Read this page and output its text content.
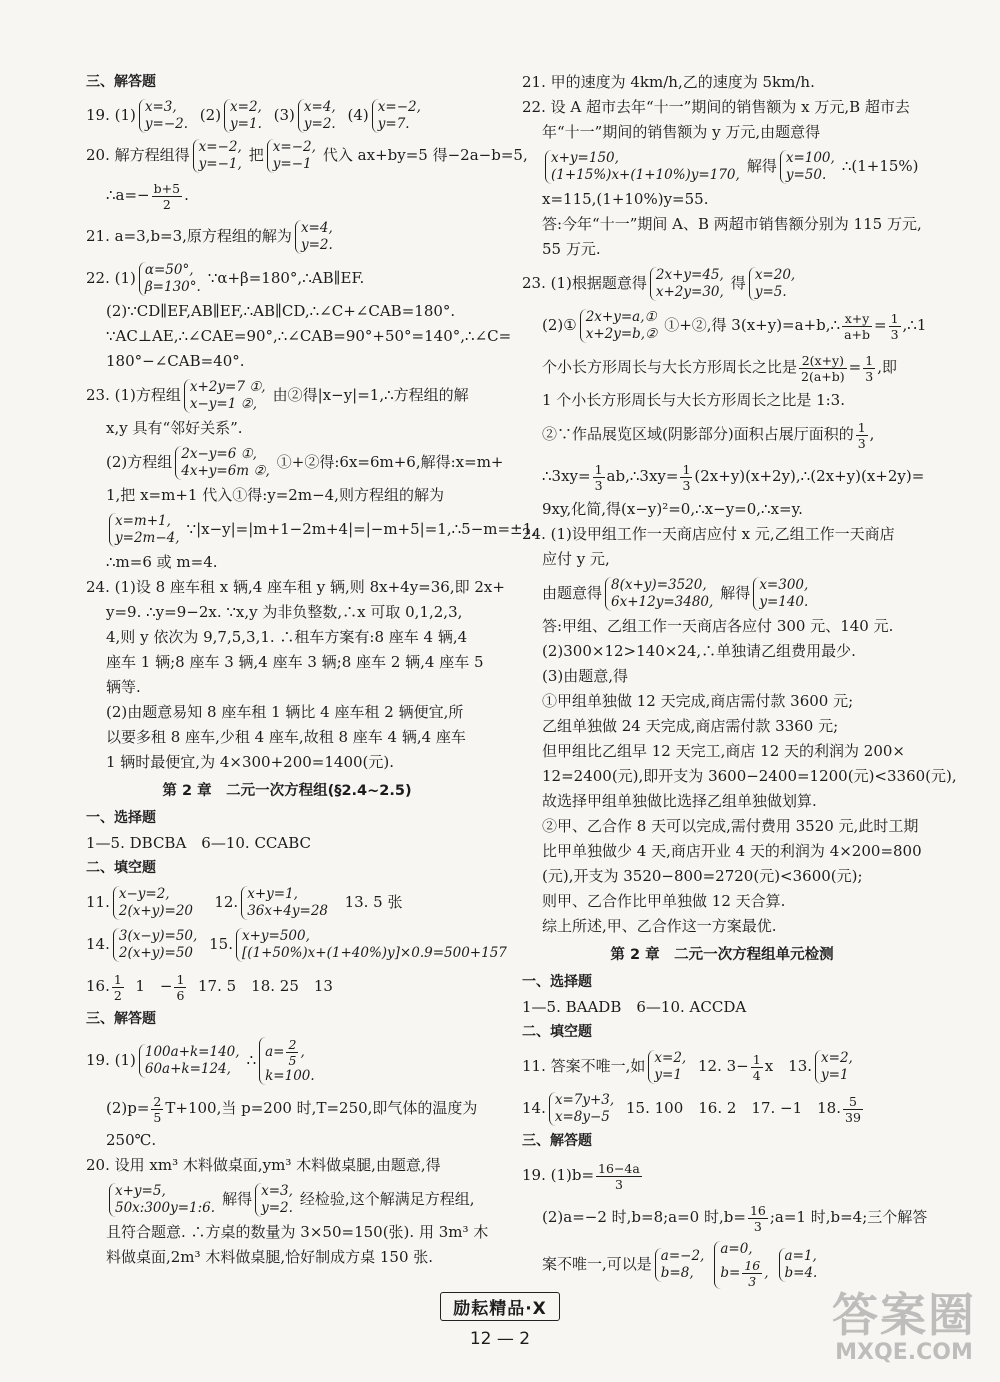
三、解答题
19. (1) x=3,
y=−2. (2) x=2,
y=1. (3) x=4,
y=2. (4) x=−2,
y=7.
20. 解方程组得 x=−2,
y=−1, 把 x=−2,
y=−1 代入 ax+by=5 得−2a−b=5,
∴a=− $\frac{b+5}{2}$ .
21. a=3,b=3,原方程组的解为 x=4,
y=2.
22. (1) α=50°,
β=130°. ∵α+β=180°,∴AB∥EF.
(2)∵CD∥EF,AB∥EF,∴AB∥CD,∴∠C+∠CAB=180°.
∵AC⊥AE,∴∠CAE=90°,∴∠CAB=90°+50°=140°,∴∠C=
180°−∠CAB=40°.
23. (1)方程组 x+2y=7 ①,
x−y=1 ②,	由②得|x−y|=1,∴方程组的解
x,y 具有“邻好关系”.
(2)方程组 2x−y=6 ①,
4x+y=6m ②, ①+②得:6x=6m+6,解得:x=m+
1,把 x=m+1 代入①得:y=2m−4,则方程组的解为
x=m+1,
y=2m−4, ∵|x−y|=|m+1−2m+4|=|−m+5|=1,∴5−m=±1,
∴m=6 或 m=4.
24. (1)设 8 座车租 x 辆,4 座车租 y 辆,则 8x+4y=36,即 2x+
y=9. ∴y=9−2x. ∵x,y 为非负整数,∴x 可取 0,1,2,3,
4,则 y 依次为 9,7,5,3,1. ∴租车方案有:8 座车 4 辆,4
座车 1 辆;8 座车 3 辆,4 座车 3 辆;8 座车 2 辆,4 座车 5
辆等.
(2)由题意易知 8 座车租 1 辆比 4 座车租 2 辆便宜,所
以要多租 8 座车,少租 4 座车,故租 8 座车 4 辆,4 座车
1 辆时最便宜,为 4×300+200=1400(元).
第 2 章　二元一次方程组(§2.4~2.5)
一、选择题
1—5. DBCBA　6—10. CCABC
二、填空题
11. x−y=2,
2(x+y)=20 12. x+y=1,
36x+4y=28 13. 5 张
14. 3(x−y)=50,
2(x+y)=50 15. x+y=500,
[(1+50%)x+(1+40%)y]×0.9=500+157
16. $\frac{1}{2} 1$　− $\frac{1}{6} 17$. 5　18. 25　13
三、解答题
19. (1) 100a+k=140,
60a+k=124,	∴ $a= \frac{2}{5}$ ,
k=100.
$(2)p= \frac{2}{5} T+100$,当 p=200 时,T=250,即气体的温度为
250℃.
20. 设用 xm³ 木料做桌面,ym³ 木料做桌腿,由题意,得
x+y=5,
50x:300y=1:6. 解得 x=3,
y=2. 经检验,这个解满足方程组,
且符合题意. ∴方桌的数量为 3×50=150(张). 用 3m³ 木
料做桌面,2m³ 木料做桌腿,恰好制成方桌 150 张.
21. 甲的速度为 4km/h,乙的速度为 5km/h.
22. 设 A 超市去年“十一”期间的销售额为 x 万元,B 超市去
年“十一”期间的销售额为 y 万元,由题意得
x+y=150,
(1+15%)x+(1+10%)y=170, 解得 x=100,
y=50.	∴(1+15%)
x=115,(1+10%)y=55.
答:今年“十一”期间 A、B 两超市销售额分别为 115 万元,
55 万元.
23. (1)根据题意得 2x+y=45,
x+2y=30, 得 x=20,
y=5.
(2)① 2x+y=a,①
x+2y=b,② ①+②,得 3(x+y)=a+b,∴ $\frac{x+y}{a+b} = \frac{1}{3}$ ,∴1
个小长方形周长与大长方形周长之比是 $\frac{2(x+y)}{2(a+b)} = \frac{1}{3}$ ,即
1 个小长方形周长与大长方形周长之比是 1:3.
②∵作品展览区域(阴影部分)面积占展厅面积的 $\frac{1}{3}$ ,
∴3xy= $\frac{1}{3}$ ab,∴3xy= $\frac{1}{3}$ (2x+y)(x+2y),∴(2x+y)(x+2y)=
9xy,化简,得(x−y)²=0,∴x−y=0,∴x=y.
24. (1)设甲组工作一天商店应付 x 元,乙组工作一天商店
应付 y 元,
由题意得 8(x+y)=3520,
6x+12y=3480, 解得 x=300,
y=140.
答:甲组、乙组工作一天商店各应付 300 元、140 元.
(2)300×12>140×24,∴单独请乙组费用最少.
(3)由题意,得
①甲组单独做 12 天完成,商店需付款 3600 元;
乙组单独做 24 天完成,商店需付款 3360 元;
但甲组比乙组早 12 天完工,商店 12 天的利润为 200×
12=2400(元),即开支为 3600−2400=1200(元)<3360(元),
故选择甲组单独做比选择乙组单独做划算.
②甲、乙合作 8 天可以完成,需付费用 3520 元,此时工期
比甲单独做少 4 天,商店开业 4 天的利润为 4×200=800
(元),开支为 3520−800=2720(元)<3600(元);
则甲、乙合作比甲单独做 12 天合算.
综上所述,甲、乙合作这一方案最优.
第 2 章　二元一次方程组单元检测
一、选择题
1—5. BAADB　6—10. ACCDA
二、填空题
11. 答案不唯一,如 x=2,
y=1 12. $3- \frac{1}{4}$ x　13. x=2,
y=1
14. x=7y+3,
x=8y−5 15. 100　16. 2　17. −1　18. $\frac{5}{39}$
三、解答题
19. $(1)b= \frac{16-4a}{3}$
(2)a=−2 时,b=8;a=0 时$,b= \frac{16}{3}$ ;a=1 时,b=4;三个解答
案不唯一,可以是 a=−2,
b=8,
a=0,
$b= \frac{16}{3}$ ,
a=1,
b=4.
励耘精品·X
12 — 2	答案圈
MXQE.COM
